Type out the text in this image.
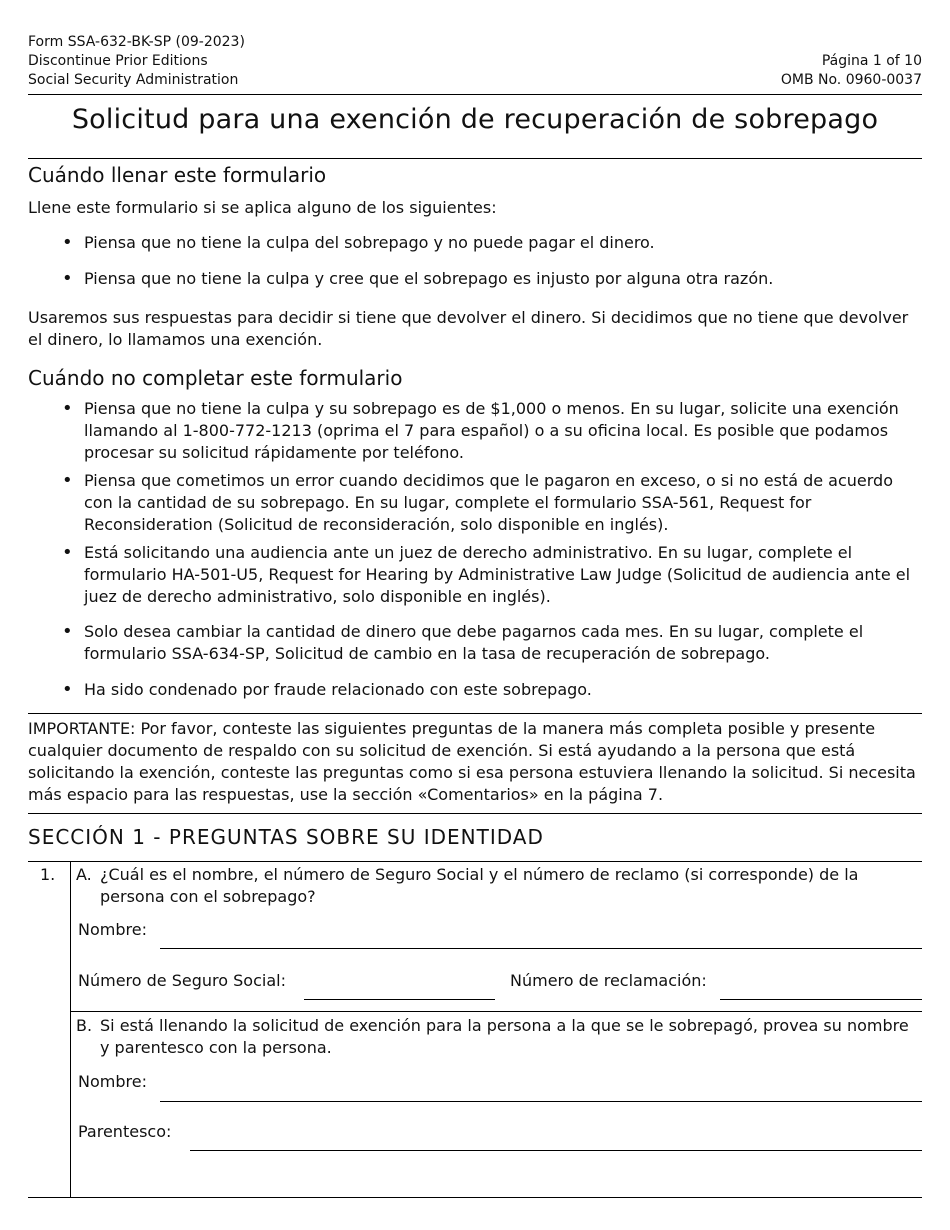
Form SSA-632-BK-SP (09-2023)
Discontinue Prior Editions
Social Security Administration
Página 1 of 10
OMB No. 0960-0037
Solicitud para una exención de recuperación de sobrepago
Cuándo llenar este formulario
Llene este formulario si se aplica alguno de los siguientes:
• Piensa que no tiene la culpa del sobrepago y no puede pagar el dinero.
• Piensa que no tiene la culpa y cree que el sobrepago es injusto por alguna otra razón.
Usaremos sus respuestas para decidir si tiene que devolver el dinero. Si decidimos que no tiene que devolver el dinero, lo llamamos una exención.
Cuándo no completar este formulario
• Piensa que no tiene la culpa y su sobrepago es de $1,000 o menos. En su lugar, solicite una exención llamando al 1-800-772-1213 (oprima el 7 para español) o a su oficina local. Es posible que podamos procesar su solicitud rápidamente por teléfono.
• Piensa que cometimos un error cuando decidimos que le pagaron en exceso, o si no está de acuerdo con la cantidad de su sobrepago. En su lugar, complete el formulario SSA-561, Request for Reconsideration (Solicitud de reconsideración, solo disponible en inglés).
• Está solicitando una audiencia ante un juez de derecho administrativo. En su lugar, complete el formulario HA-501-U5, Request for Hearing by Administrative Law Judge (Solicitud de audiencia ante el juez de derecho administrativo, solo disponible en inglés).
• Solo desea cambiar la cantidad de dinero que debe pagarnos cada mes. En su lugar, complete el formulario SSA-634-SP, Solicitud de cambio en la tasa de recuperación de sobrepago.
• Ha sido condenado por fraude relacionado con este sobrepago.
IMPORTANTE: Por favor, conteste las siguientes preguntas de la manera más completa posible y presente cualquier documento de respaldo con su solicitud de exención. Si está ayudando a la persona que está solicitando la exención, conteste las preguntas como si esa persona estuviera llenando la solicitud. Si necesita más espacio para las respuestas, use la sección «Comentarios» en la página 7.
SECCIÓN 1 - PREGUNTAS SOBRE SU IDENTIDAD
1. A. ¿Cuál es el nombre, el número de Seguro Social y el número de reclamo (si corresponde) de la persona con el sobrepago?
Nombre:
Número de Seguro Social:	Número de reclamación:
B. Si está llenando la solicitud de exención para la persona a la que se le sobrepagó, provea su nombre y parentesco con la persona.
Nombre:
Parentesco:
